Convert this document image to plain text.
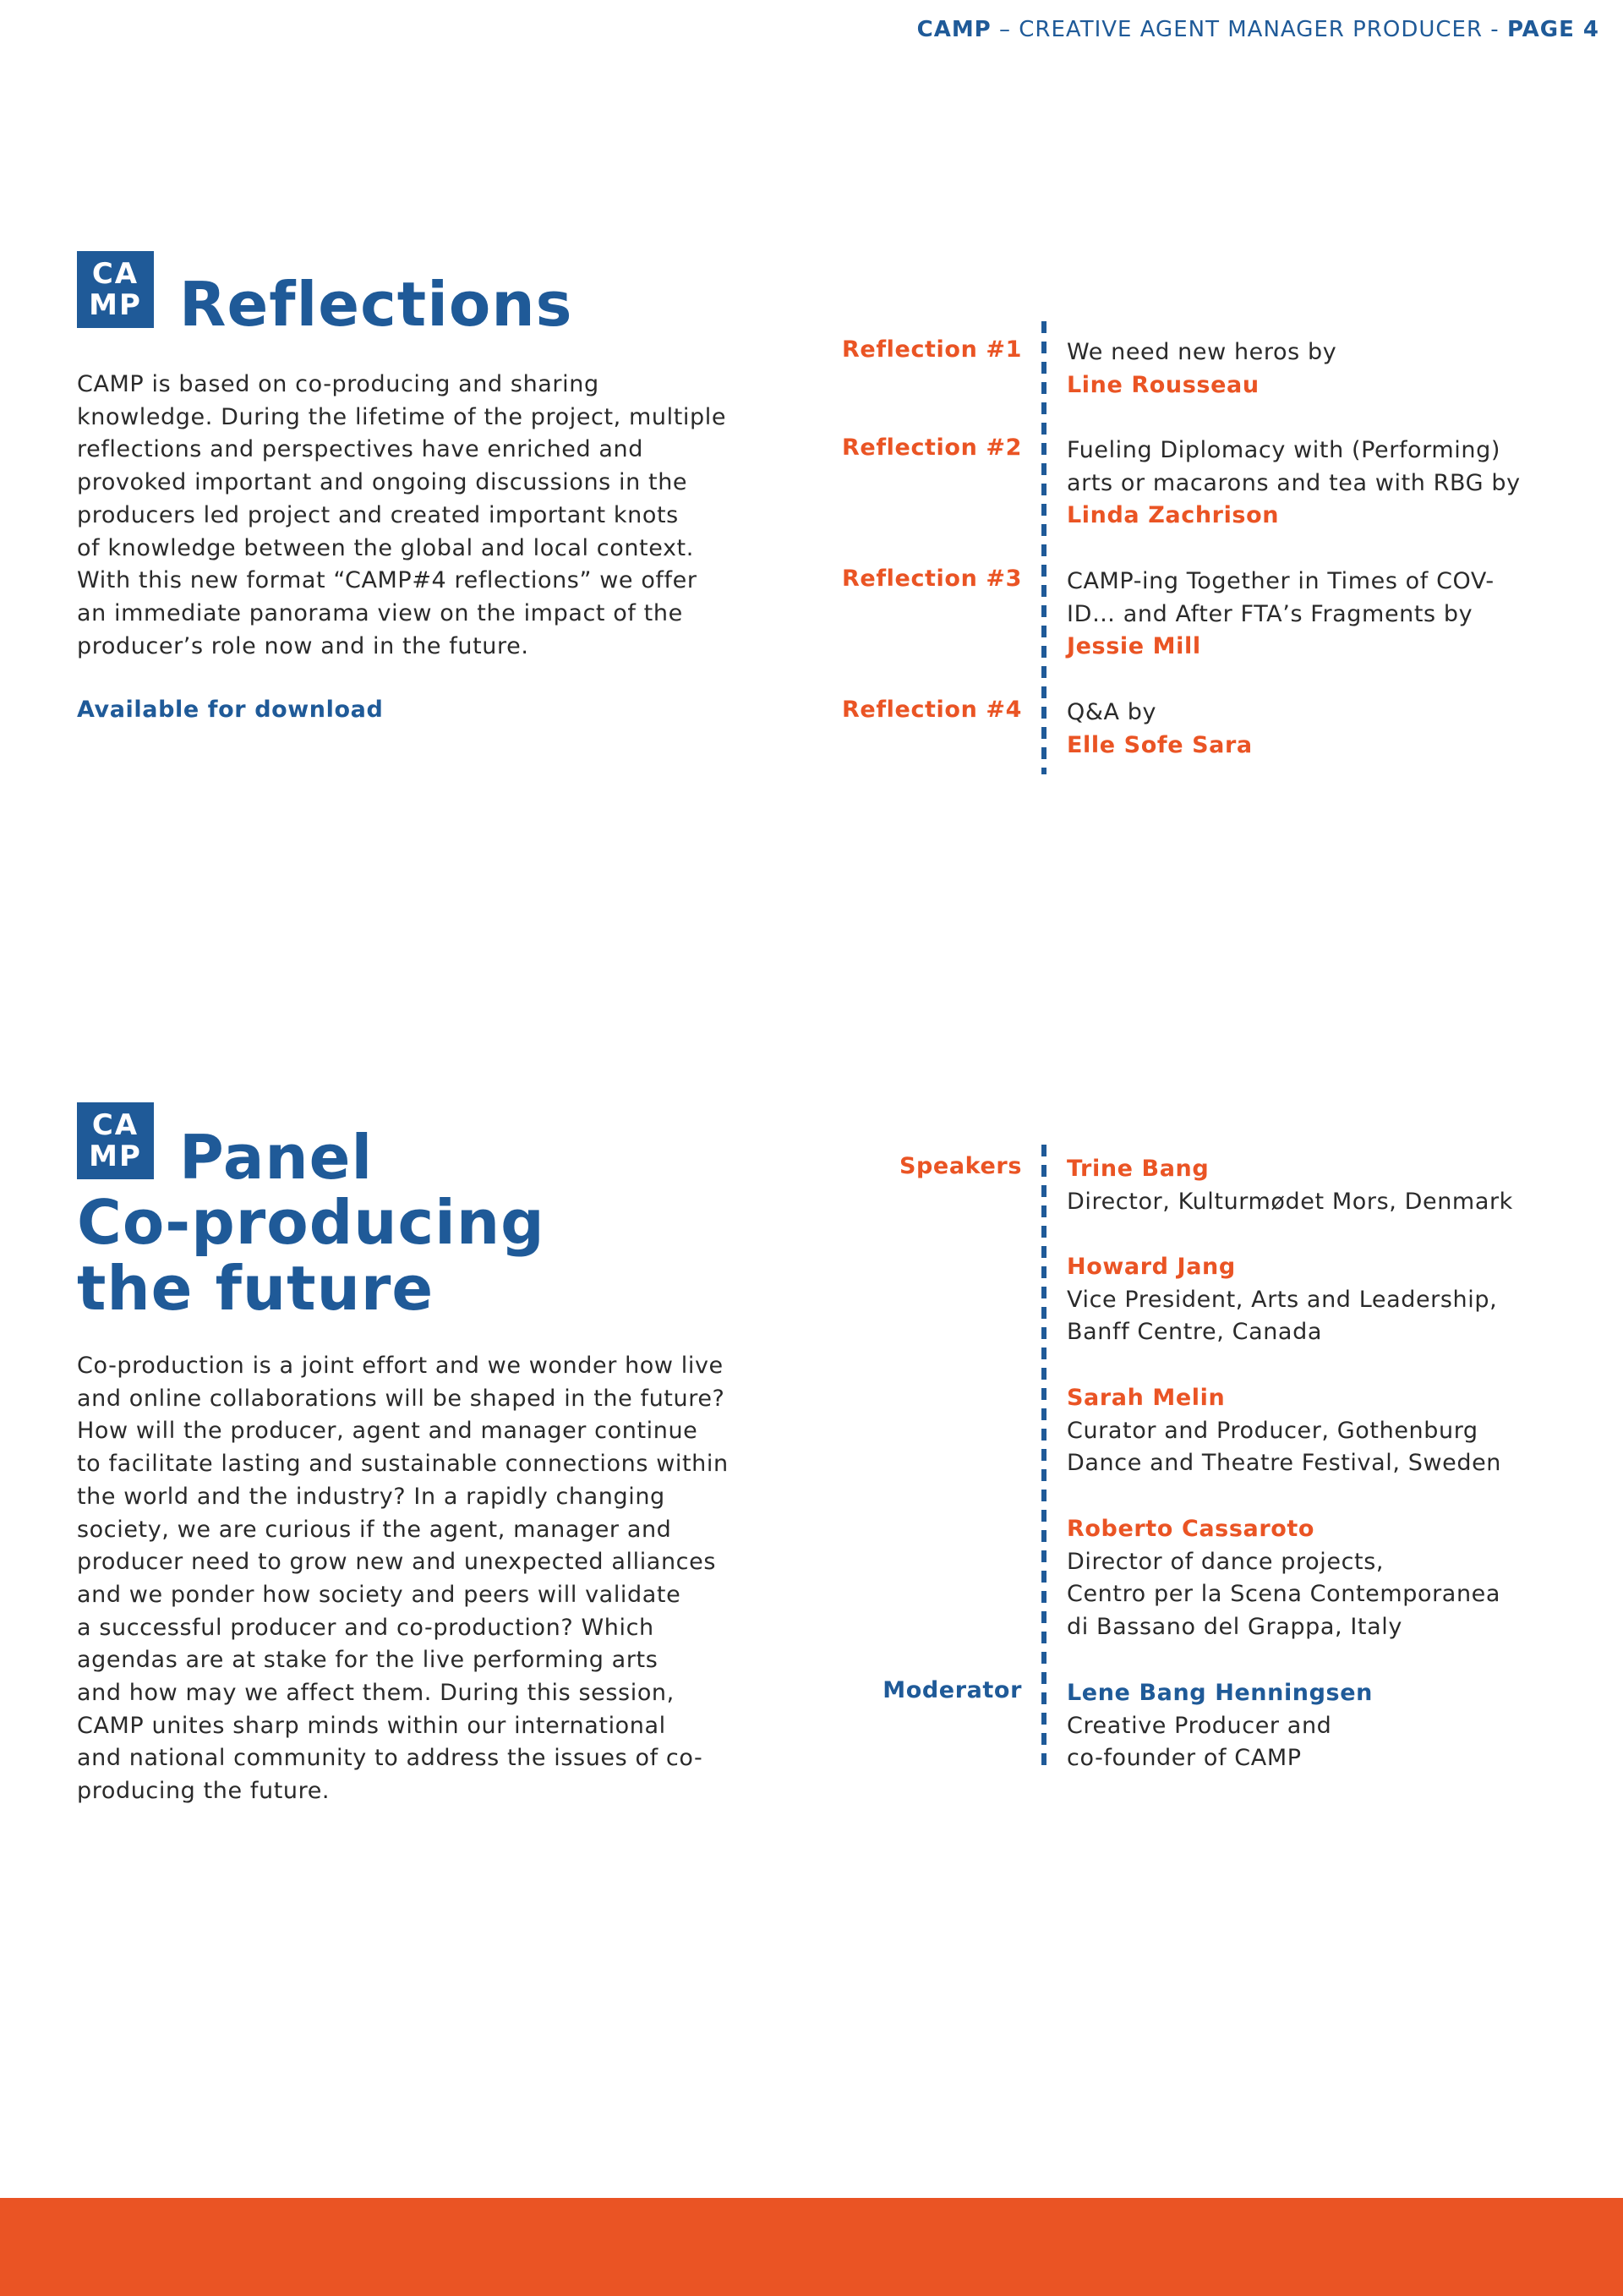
CAMP – CREATIVE AGENT MANAGER PRODUCER - PAGE 4
CA
MP Reflections
CAMP is based on co-producing and sharing
knowledge. During the lifetime of the project, multiple
reflections and perspectives have enriched and
provoked important and ongoing discussions in the
producers led project and created important knots
of knowledge between the global and local context.
With this new format “CAMP#4 reflections” we offer
an immediate panorama view on the impact of the
producer’s role now and in the future.
Available for download
Reflection #1 We need new heros by
Line Rousseau
Reflection #2 Fueling Diplomacy with (Performing)
arts or macarons and tea with RBG by
Linda Zachrison
Reflection #3 CAMP-ing Together in Times of COV-
ID… and After FTA’s Fragments by
Jessie Mill
Reflection #4 Q&A by
Elle Sofe Sara
CA
MP Panel
Co-producing
the future
Co-production is a joint effort and we wonder how live
and online collaborations will be shaped in the future?
How will the producer, agent and manager continue
to facilitate lasting and sustainable connections within
the world and the industry? In a rapidly changing
society, we are curious if the agent, manager and
producer need to grow new and unexpected alliances
and we ponder how society and peers will validate
a successful producer and co-production? Which
agendas are at stake for the live performing arts
and how may we affect them. During this session,
CAMP unites sharp minds within our international
and national community to address the issues of co-
producing the future.
Speakers Trine Bang
Director, Kulturmødet Mors, Denmark
Howard Jang
Vice President, Arts and Leadership,
Banff Centre, Canada
Sarah Melin
Curator and Producer, Gothenburg
Dance and Theatre Festival, Sweden
Roberto Cassaroto
Director of dance projects,
Centro per la Scena Contemporanea
di Bassano del Grappa, Italy
Moderator Lene Bang Henningsen
Creative Producer and
co-founder of CAMP
